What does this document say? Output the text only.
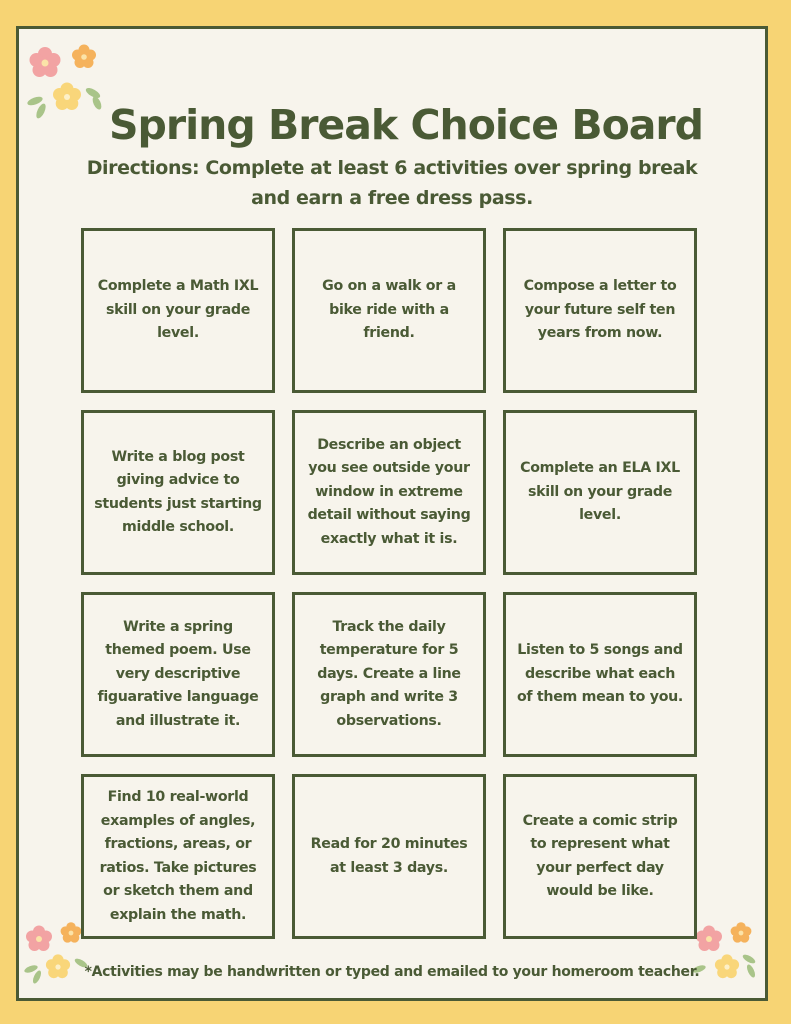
Spring Break Choice Board
Directions: Complete at least 6 activities over spring break and earn a free dress pass.
Complete a Math IXL skill on your grade level.
Go on a walk or a bike ride with a friend.
Compose a letter to your future self ten years from now.
Write a blog post giving advice to students just starting middle school.
Describe an object you see outside your window in extreme detail without saying exactly what it is.
Complete an ELA IXL skill on your grade level.
Write a spring themed poem. Use very descriptive figuarative language and illustrate it.
Track the daily temperature for 5 days. Create a line graph and write 3 observations.
Listen to 5 songs and describe what each of them mean to you.
Find 10 real-world examples of angles, fractions, areas, or ratios. Take pictures or sketch them and explain the math.
Read for 20 minutes at least 3 days.
Create a comic strip to represent what your perfect day would be like.
*Activities may be handwritten or typed and emailed to your homeroom teacher.
